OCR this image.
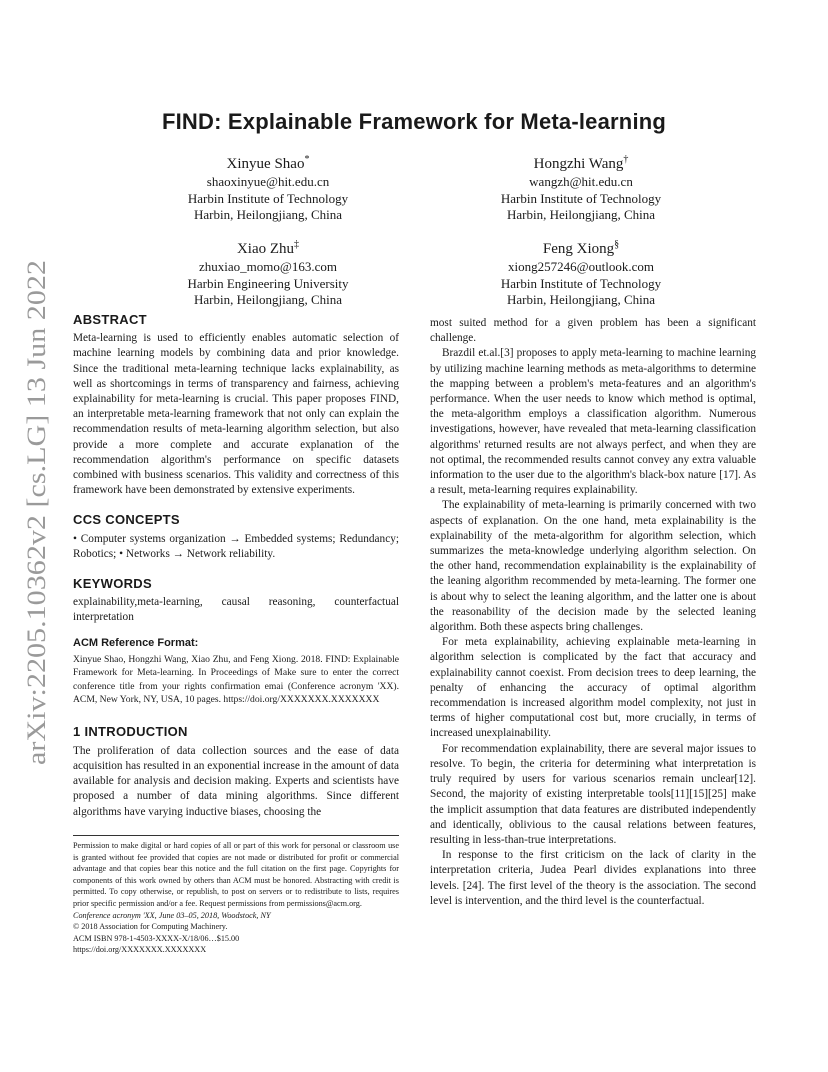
arXiv:2205.10362v2 [cs.LG] 13 Jun 2022
FIND: Explainable Framework for Meta-learning
Xinyue Shao*
shaoxinyue@hit.edu.cn
Harbin Institute of Technology
Harbin, Heilongjiang, China
Hongzhi Wang†
wangzh@hit.edu.cn
Harbin Institute of Technology
Harbin, Heilongjiang, China
Xiao Zhu‡
zhuxiao_momo@163.com
Harbin Engineering University
Harbin, Heilongjiang, China
Feng Xiong§
xiong257246@outlook.com
Harbin Institute of Technology
Harbin, Heilongjiang, China
ABSTRACT

Meta-learning is used to efficiently enables automatic selection of machine learning models by combining data and prior knowledge. Since the traditional meta-learning technique lacks explainability, as well as shortcomings in terms of transparency and fairness, achieving explainability for meta-learning is crucial. This paper proposes FIND, an interpretable meta-learning framework that not only can explain the recommendation results of meta-learning algorithm selection, but also provide a more complete and accurate explanation of the recommendation algorithm's performance on specific datasets combined with business scenarios. This validity and correctness of this framework have been demonstrated by extensive experiments.

CCS CONCEPTS

• Computer systems organization → Embedded systems; Redundancy; Robotics; • Networks → Network reliability.

KEYWORDS

explainability,meta-learning, causal reasoning, counterfactual interpretation

ACM Reference Format:

Xinyue Shao, Hongzhi Wang, Xiao Zhu, and Feng Xiong. 2018. FIND: Explainable Framework for Meta-learning. In Proceedings of Make sure to enter the correct conference title from your rights confirmation emai (Conference acronym 'XX). ACM, New York, NY, USA, 10 pages. https://doi.org/XXXXXXX.XXXXXXX

1 INTRODUCTION

The proliferation of data collection sources and the ease of data acquisition has resulted in an exponential increase in the amount of data available for analysis and decision making. Experts and scientists have proposed a number of data mining algorithms. Since different algorithms have varying inductive biases, choosing the

Permission to make digital or hard copies of all or part of this work for personal or classroom use is granted without fee provided that copies are not made or distributed for profit or commercial advantage and that copies bear this notice and the full citation on the first page. Copyrights for components of this work owned by others than ACM must be honored. Abstracting with credit is permitted. To copy otherwise, or republish, to post on servers or to redistribute to lists, requires prior specific permission and/or a fee. Request permissions from permissions@acm.org.
Conference acronym 'XX, June 03–05, 2018, Woodstock, NY
© 2018 Association for Computing Machinery.
ACM ISBN 978-1-4503-XXXX-X/18/06…$15.00
https://doi.org/XXXXXXX.XXXXXXX

most suited method for a given problem has been a significant challenge.

Brazdil et.al.[3] proposes to apply meta-learning to machine learning by utilizing machine learning methods as meta-algorithms to determine the mapping between a problem's meta-features and an algorithm's performance. When the user needs to know which method is optimal, the meta-algorithm employs a classification algorithm. Numerous investigations, however, have revealed that meta-learning classification algorithms' returned results are not always perfect, and when they are not optimal, the recommended results cannot convey any extra valuable information to the user due to the algorithm's black-box nature [17]. As a result, meta-learning requires explainability.

The explainability of meta-learning is primarily concerned with two aspects of explanation. On the one hand, meta explainability is the explainability of the meta-algorithm for algorithm selection, which summarizes the meta-knowledge underlying algorithm selection. On the other hand, recommendation explainability is the explainability of the leaning algorithm recommended by meta-learning. The former one is about why to select the leaning algorithm, and the latter one is about the reasonability of the decision made by the selected leaning algorithm. Both these aspects bring challenges.

For meta explainability, achieving explainable meta-learning in algorithm selection is complicated by the fact that accuracy and explainability cannot coexist. From decision trees to deep learning, the penalty of enhancing the accuracy of optimal algorithm recommendation is increased algorithm model complexity, not just in terms of higher computational cost but, more crucially, in terms of increased unexplainability.

For recommendation explainability, there are several major issues to resolve. To begin, the criteria for determining what interpretation is truly required by users for various scenarios remain unclear[12]. Second, the majority of existing interpretable tools[11][15][25] make the implicit assumption that data features are distributed independently and identically, oblivious to the causal relations between features, resulting in less-than-true interpretations.

In response to the first criticism on the lack of clarity in the interpretation criteria, Judea Pearl divides explanations into three levels. [24]. The first level of the theory is the association. The second level is intervention, and the third level is the counterfactual.
